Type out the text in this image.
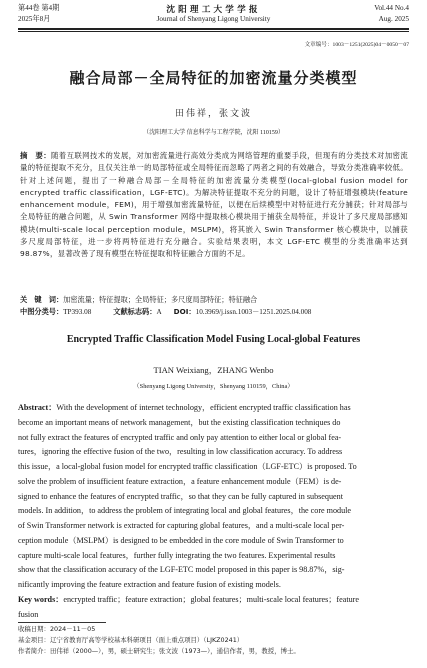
第44卷 第4期
2025年8月
沈阳理工大学学报
Journal of Shenyang Ligong University
Vol.44 No.4
Aug. 2025
文章编号：1003－1251(2025)04－0050－07
融合局部－全局特征的加密流量分类模型
田伟祥，张文波
（沈阳理工大学 信息科学与工程学院，沈阳 110159）
摘　要：随着互联网技术的发展，对加密流量进行高效分类成为网络管理的重要手段，但现有的分类技术对加密流量的特征提取不充分，且仅关注单一的局部特征或全局特征而忽略了两者之间的有效融合，导致分类准确率较低。针对上述问题，提出了一种融合局部－全局特征的加密流量分类模型(local-global fusion model for encrypted traffic classification，LGF-ETC)。为解决特征提取不充分的问题，设计了特征增强模块(feature enhancement module，FEM)，用于增强加密流量特征，以便在后续模型中对特征进行充分捕获；针对局部与全局特征的融合问题，从 Swin Transformer 网络中提取核心模块用于捕获全局特征，并设计了多尺度局部感知模块(multi-scale local perception module，MSLPM)，将其嵌入 Swin Transformer 核心模块中，以捕获多尺度局部特征，进一步将两特征进行充分融合。实验结果表明，本文 LGF-ETC 模型的分类准确率达到 98.87%，显著改善了现有模型在特征提取和特征融合方面的不足。
关　键　词：加密流量；特征提取；全局特征；多尺度局部特征；特征融合
中图分类号：TP393.08	文献标志码：A DOI：10.3969/j.issn.1003－1251.2025.04.008
Encrypted Traffic Classification Model Fusing Local-global Features
TIAN Weixiang，ZHANG Wenbo
（Shenyang Ligong University，Shenyang 110159，China）
Abstract：With the development of internet technology，efficient encrypted traffic classification has
become an important means of network management，but the existing classification techniques do
not fully extract the features of encrypted traffic and only pay attention to either local or global fea-
tures，ignoring the effective fusion of the two，resulting in low classification accuracy. To address
this issue，a local-global fusion model for encrypted traffic classification（LGF-ETC）is proposed. To
solve the problem of insufficient feature extraction，a feature enhancement module（FEM）is de-
signed to enhance the features of encrypted traffic，so that they can be fully captured in subsequent
models. In addition，to address the problem of integrating local and global features，the core module
of Swin Transformer network is extracted for capturing global features，and a multi-scale local per-
ception module（MSLPM）is designed to be embedded in the core module of Swin Transformer to
capture multi-scale local features，further fully integrating the two features. Experimental results
show that the classification accuracy of the LGF-ETC model proposed in this paper is 98.87%，sig-
nificantly improving the feature extraction and feature fusion of existing models.
Key words：encrypted traffic；feature extraction；global features；multi-scale local features；feature
fusion
收稿日期：2024－11－05
基金项目：辽宁省教育厅高等学校基本科研项目（面上重点项目）（LJKZ0241）
作者简介：田伟祥（2000—），男，硕士研究生；张文波（1973—），通信作者，男，教授，博士。
